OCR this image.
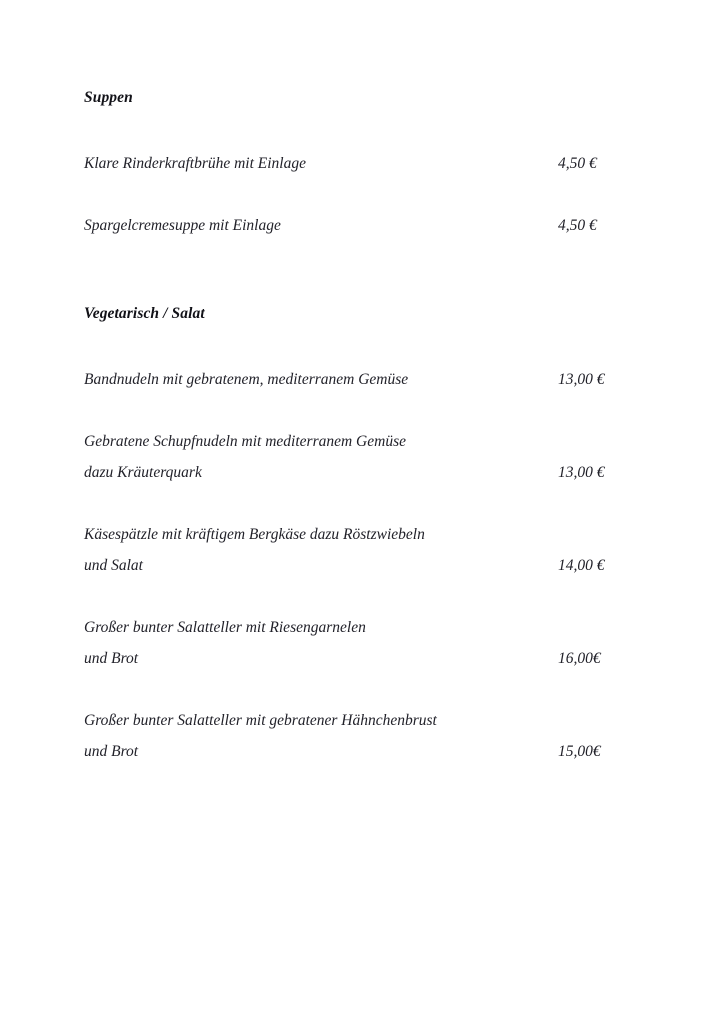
Suppen
Klare Rinderkraftbrühe mit Einlage	4,50 €
Spargelcremesuppe mit Einlage	4,50 €
Vegetarisch / Salat
Bandnudeln mit gebratenem, mediterranem Gemüse	13,00 €
Gebratene Schupfnudeln mit mediterranem Gemüse
dazu Kräuterquark	13,00 €
Käsespätzle mit kräftigem Bergkäse dazu Röstzwiebeln
und Salat	14,00 €
Großer bunter Salatteller mit Riesengarnelen
und Brot	16,00€
Großer bunter Salatteller mit gebratener Hähnchenbrust
und Brot	15,00€
